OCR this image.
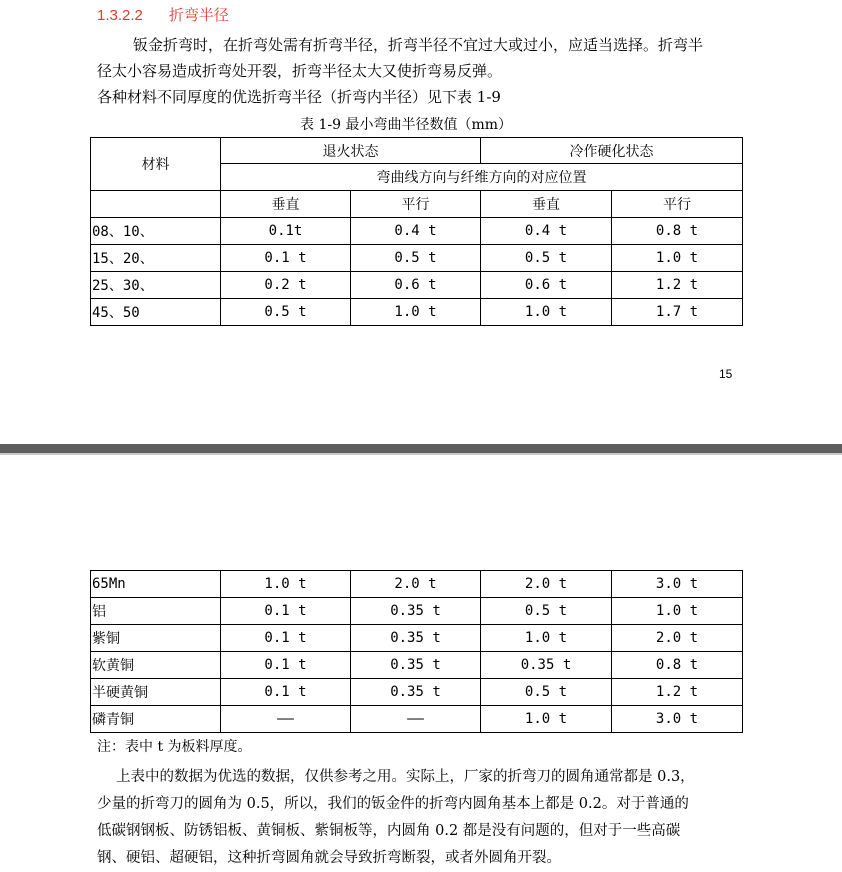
1.3.2.2 折弯半径
钣金折弯时，在折弯处需有折弯半径，折弯半径不宜过大或过小，应适当选择。折弯半
径太小容易造成折弯处开裂，折弯半径太大又使折弯易反弹。
各种材料不同厚度的优选折弯半径（折弯内半径）见下表 1-9
表 1-9 最小弯曲半径数值（mm）
材料	退火状态		冷作硬化状态	
	弯曲线方向与纤维方向的对应位置			
	垂直	平行	垂直	平行
08、10、	0.1t	0.4 t	0.4 t	0.8 t
15、20、	0.1 t	0.5 t	0.5 t	1.0 t
25、30、	0.2 t	0.6 t	0.6 t	1.2 t
45、50	0.5 t	1.0 t	1.0 t	1.7 t
15
65Mn	1.0 t	2.0 t	2.0 t	3.0 t
铝	0.1 t	0.35 t	0.5 t	1.0 t
紫铜	0.1 t	0.35 t	1.0 t	2.0 t
软黄铜	0.1 t	0.35 t	0.35 t	0.8 t
半硬黄铜	0.1 t	0.35 t	0.5 t	1.2 t
磷青铜	——	——	1.0 t	3.0 t
注：表中 t 为板料厚度。
上表中的数据为优选的数据，仅供参考之用。实际上，厂家的折弯刀的圆角通常都是 0.3，
少量的折弯刀的圆角为 0.5，所以，我们的钣金件的折弯内圆角基本上都是 0.2。对于普通的
低碳钢钢板、防锈铝板、黄铜板、紫铜板等，内圆角 0.2 都是没有问题的，但对于一些高碳
钢、硬铝、超硬铝，这种折弯圆角就会导致折弯断裂，或者外圆角开裂。
